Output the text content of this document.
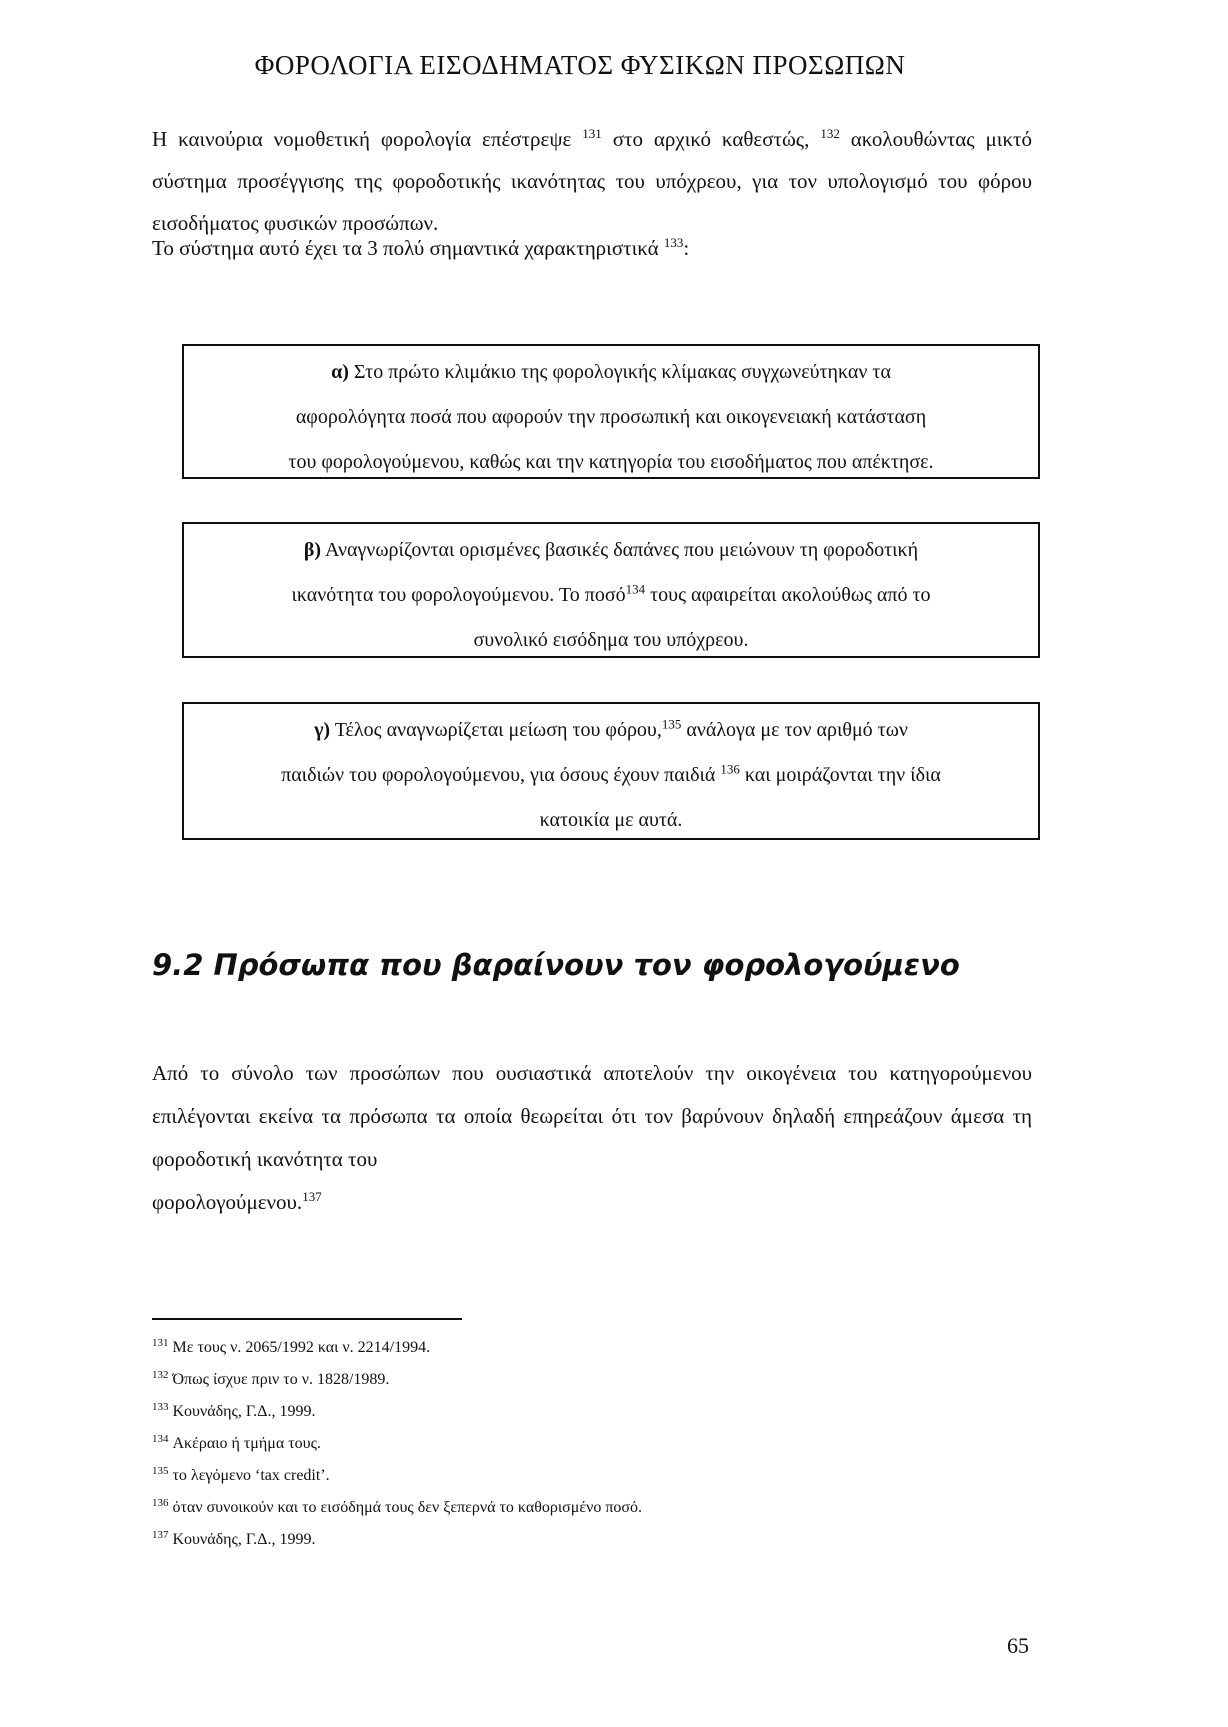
ΦΟΡΟΛΟΓΙΑ ΕΙΣΟΔΗΜΑΤΟΣ ΦΥΣΙΚΩΝ ΠΡΟΣΩΠΩΝ
Η καινούρια νομοθετική φορολογία επέστρεψε $^{131}$ στο αρχικό καθεστώς, $^{132}$ ακολουθώντας μικτό σύστημα προσέγγισης της φοροδοτικής ικανότητας του υπόχρεου, για τον υπολογισμό του φόρου εισοδήματος φυσικών προσώπων.
Το σύστημα αυτό έχει τα 3 πολύ σημαντικά χαρακτηριστικά $^{133}$:
α) Στο πρώτο κλιμάκιο της φορολογικής κλίμακας συγχωνεύτηκαν τα
αφορολόγητα ποσά που αφορούν την προσωπική και οικογενειακή κατάσταση
του φορολογούμενου, καθώς και την κατηγορία του εισοδήματος που απέκτησε.
β) Αναγνωρίζονται ορισμένες βασικές δαπάνες που μειώνουν τη φοροδοτική
ικανότητα του φορολογούμενου. Το ποσό$^{134}$ τους αφαιρείται ακολούθως από το
συνολικό εισόδημα του υπόχρεου.
γ) Τέλος αναγνωρίζεται μείωση του φόρου,$^{135}$ ανάλογα με τον αριθμό των
παιδιών του φορολογούμενου, για όσους έχουν παιδιά $^{136}$ και μοιράζονται την ίδια
κατοικία με αυτά.
9.2 Πρόσωπα που βαραίνουν τον φορολογούμενο
Από το σύνολο των προσώπων που ουσιαστικά αποτελούν την οικογένεια του κατηγορούμενου επιλέγονται εκείνα τα πρόσωπα τα οποία θεωρείται ότι τον βαρύνουν δηλαδή επηρεάζουν άμεσα τη φοροδοτική ικανότητα του
φορολογούμενου.$^{137}$
$^{131}$ Με τους ν. 2065/1992 και ν. 2214/1994.
$^{132}$ Όπως ίσχυε πριν το ν. 1828/1989.
$^{133}$ Κουνάδης, Γ.Δ., 1999.
$^{134}$ Ακέραιο ή τμήμα τους.
$^{135}$ το λεγόμενο ‘tax credit’.
$^{136}$ όταν συνοικούν και το εισόδημά τους δεν ξεπερνά το καθορισμένο ποσό.
$^{137}$ Κουνάδης, Γ.Δ., 1999.
65
